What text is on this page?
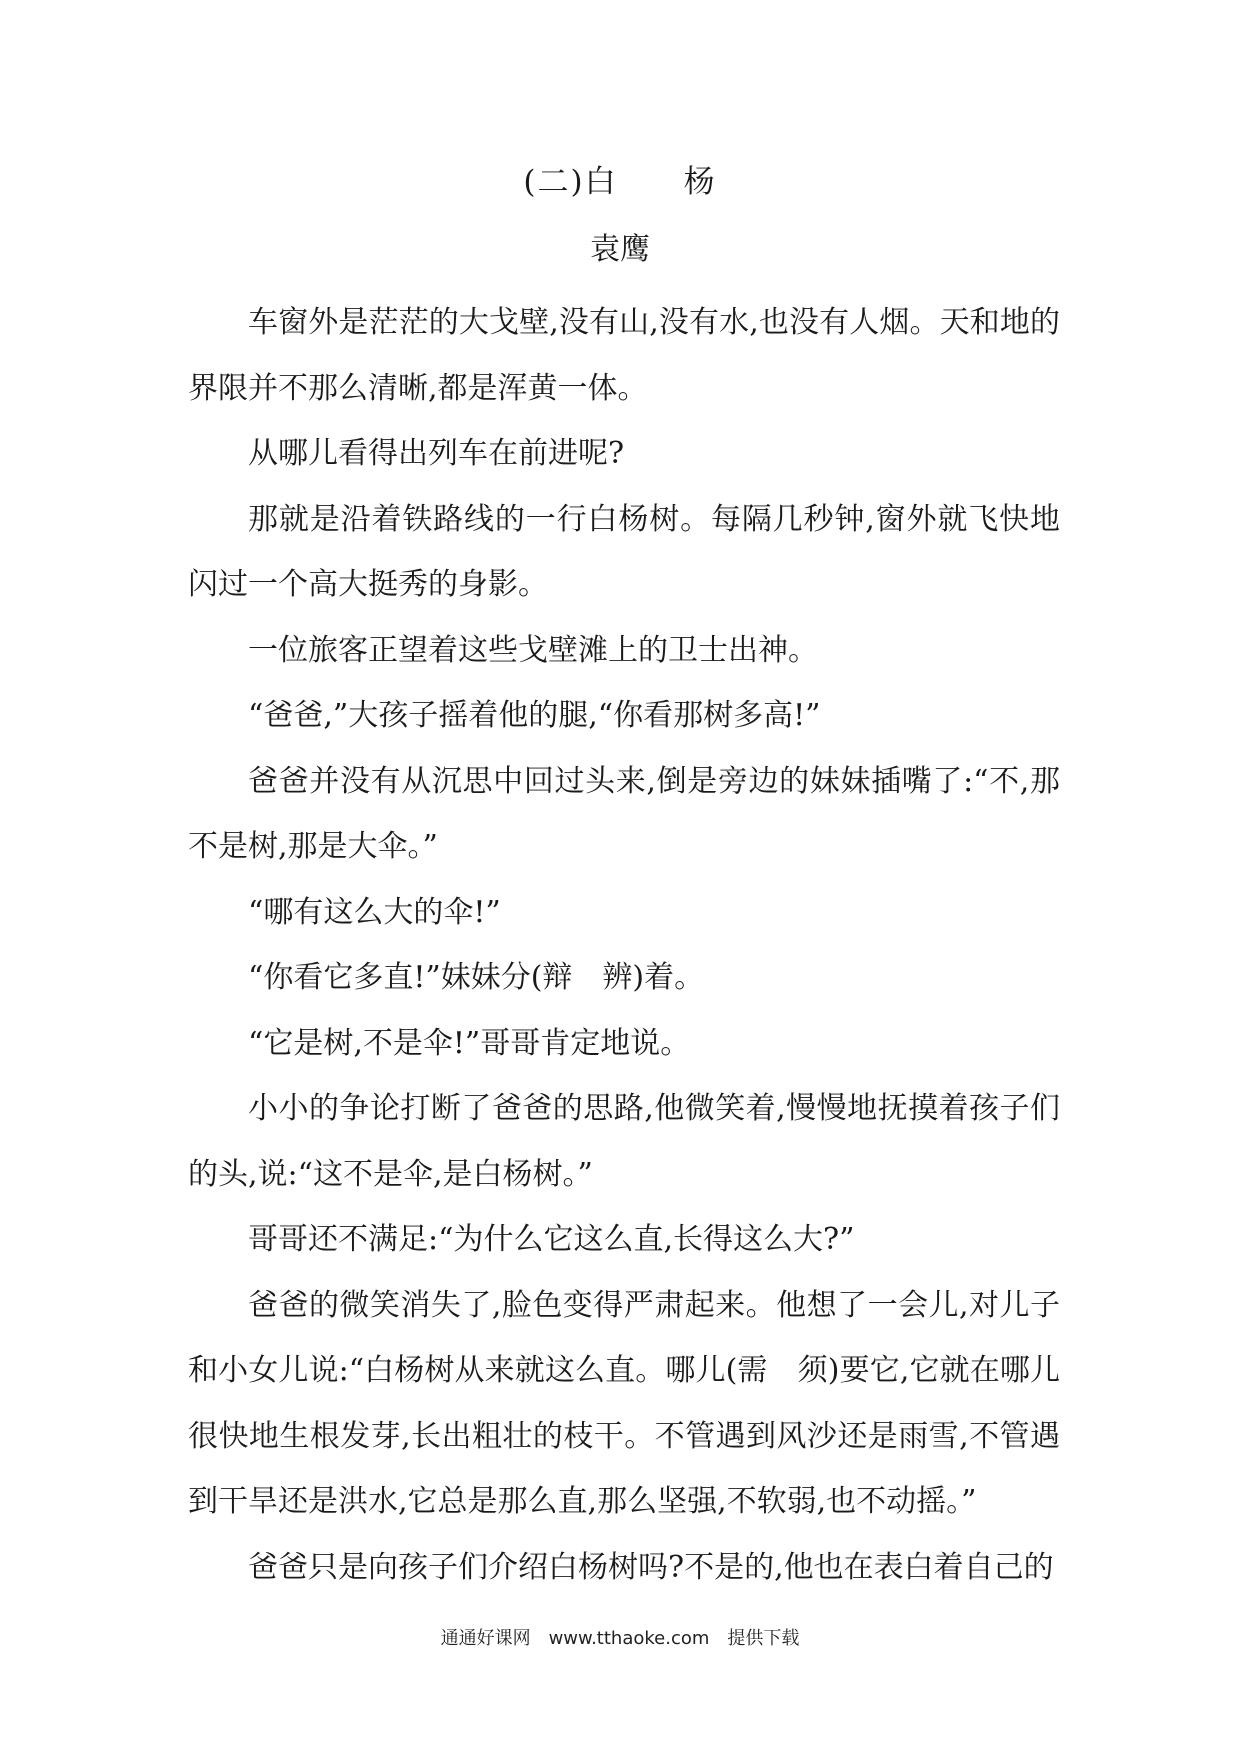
(二)白　　杨
袁鹰

车窗外是茫茫的大戈壁,没有山,没有水,也没有人烟。天和地的界限并不那么清晰,都是浑黄一体。

从哪儿看得出列车在前进呢?

那就是沿着铁路线的一行白杨树。每隔几秒钟,窗外就飞快地闪过一个高大挺秀的身影。

一位旅客正望着这些戈壁滩上的卫士出神。

“爸爸,”大孩子摇着他的腿,“你看那树多高!”

爸爸并没有从沉思中回过头来,倒是旁边的妹妹插嘴了:“不,那不是树,那是大伞。”

“哪有这么大的伞!”

“你看它多直!”妹妹分(辩　辨)着。

“它是树,不是伞!”哥哥肯定地说。

小小的争论打断了爸爸的思路,他微笑着,慢慢地抚摸着孩子们的头,说:“这不是伞,是白杨树。”

哥哥还不满足:“为什么它这么直,长得这么大?”

爸爸的微笑消失了,脸色变得严肃起来。他想了一会儿,对儿子和小女儿说:“白杨树从来就这么直。哪儿(需　须)要它,它就在哪儿很快地生根发芽,长出粗壮的枝干。不管遇到风沙还是雨雪,不管遇到干旱还是洪水,它总是那么直,那么坚强,不软弱,也不动摇。”

爸爸只是向孩子们介绍白杨树吗?不是的,他也在表白着自己的

通通好课网　www.tthaoke.com　提供下载
